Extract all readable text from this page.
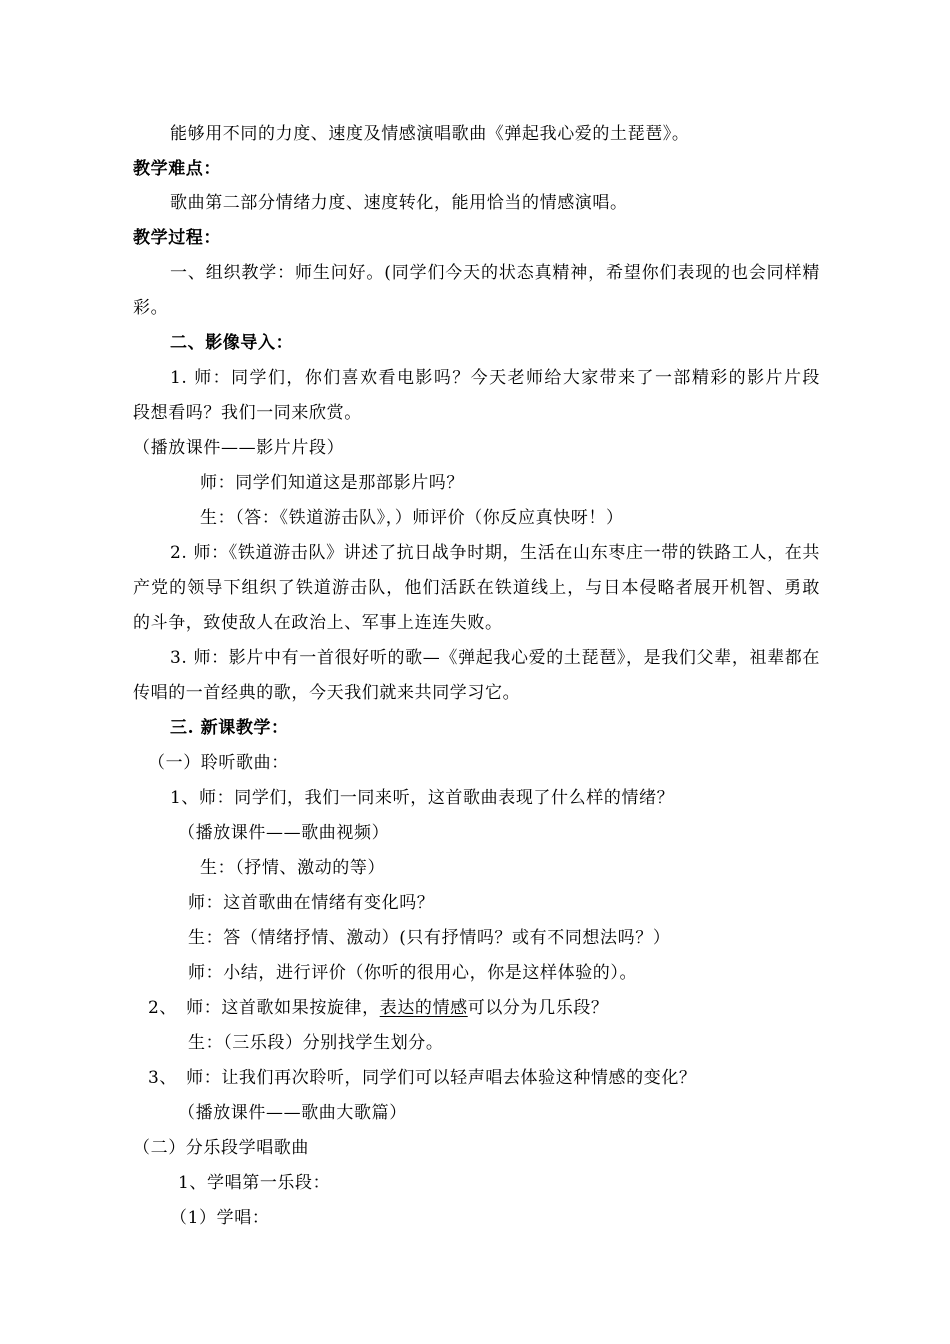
能够用不同的力度、速度及情感演唱歌曲《弹起我心爱的土琵琶》。

教学难点：

歌曲第二部分情绪力度、速度转化，能用恰当的情感演唱。

教学过程：

一、组织教学：师生问好。(同学们今天的状态真精神，希望你们表现的也会同样精

彩。

二、影像导入：

1. 师：同学们，你们喜欢看电影吗？今天老师给大家带来了一部精彩的影片片段

段想看吗？我们一同来欣赏。

（播放课件——影片片段）

师：同学们知道这是那部影片吗？

生：（答：《铁道游击队》，）师评价（你反应真快呀！）

2. 师：《铁道游击队》讲述了抗日战争时期，生活在山东枣庄一带的铁路工人，在共

产党的领导下组织了铁道游击队，他们活跃在铁道线上，与日本侵略者展开机智、勇敢

的斗争，致使敌人在政治上、军事上连连失败。

3. 师：影片中有一首很好听的歌—《弹起我心爱的土琵琶》，是我们父辈，祖辈都在

传唱的一首经典的歌，今天我们就来共同学习它。

三. 新课教学：

（一）聆听歌曲：

1、师：同学们，我们一同来听，这首歌曲表现了什么样的情绪？

（播放课件——歌曲视频）

生：（抒情、激动的等）

师：这首歌曲在情绪有变化吗？

生：答（情绪抒情、激动）(只有抒情吗？或有不同想法吗？）

师：小结，进行评价（你听的很用心，你是这样体验的）。

2、　师：这首歌如果按旋律，表达的情感可以分为几乐段？

生：（三乐段）分别找学生划分。

3、　师：让我们再次聆听，同学们可以轻声唱去体验这种情感的变化？

（播放课件——歌曲大歌篇）

（二）分乐段学唱歌曲

1、学唱第一乐段：

（1）学唱：
